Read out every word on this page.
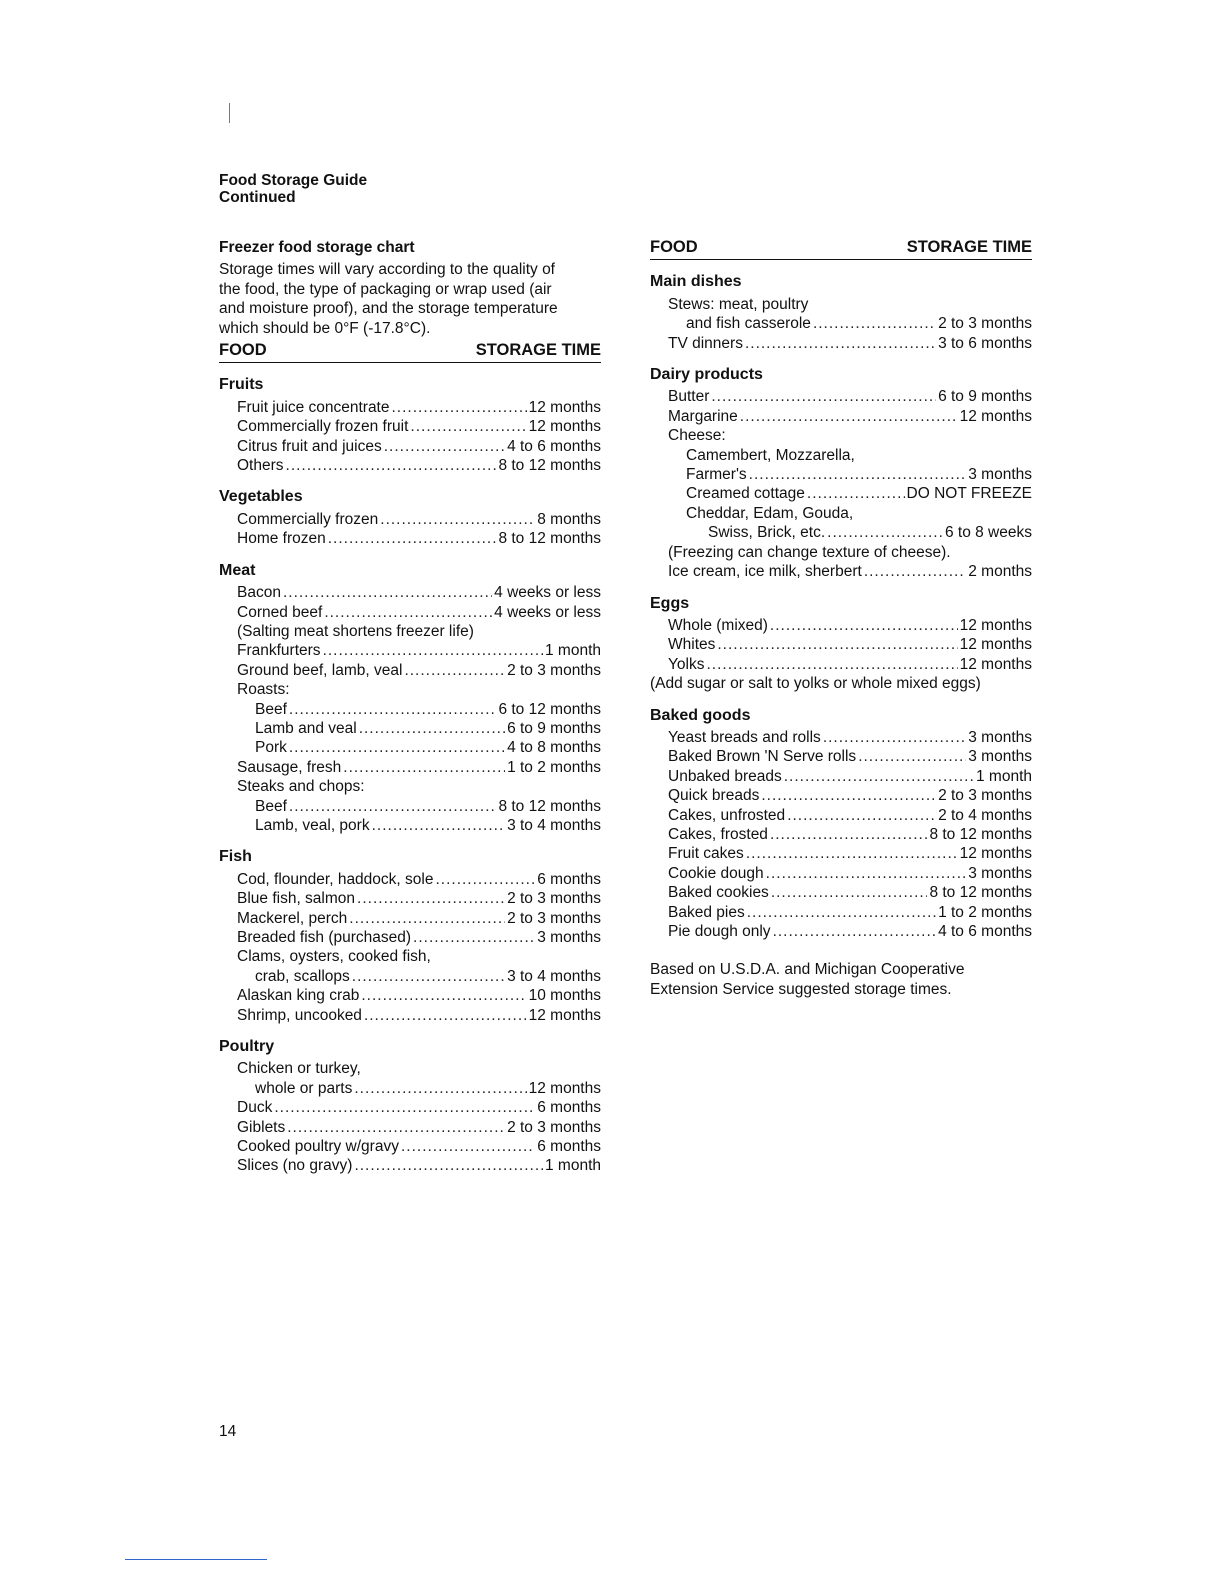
Food Storage Guide
Continued
Freezer food storage chart

Storage times will vary according to the quality of
the food, the type of packaging or wrap used (air
and moisture proof), and the storage temperature
which should be 0°F (-17.8°C).

FOOD	STORAGE TIME
Fruits
Fruit juice concentrate .....	12 months
Commercially frozen fruit .....	12 months
Citrus fruit and juices .....	4 to 6 months
Others .....	8 to 12 months
Vegetables
Commercially frozen .....	8 months
Home frozen .....	8 to 12 months
Meat
Bacon .....	4 weeks or less
Corned beef .....	4 weeks or less
(Salting meat shortens freezer life)
Frankfurters .....	1 month
Ground beef, lamb, veal .....	2 to 3 months
Roasts:
Beef .....	6 to 12 months
Lamb and veal .....	6 to 9 months
Pork .....	4 to 8 months
Sausage, fresh .....	1 to 2 months
Steaks and chops:
Beef .....	8 to 12 months
Lamb, veal, pork .....	3 to 4 months
Fish
Cod, flounder, haddock, sole .....	6 months
Blue fish, salmon .....	2 to 3 months
Mackerel, perch .....	2 to 3 months
Breaded fish (purchased) .....	3 months
Clams, oysters, cooked fish,
crab, scallops .....	3 to 4 months
Alaskan king crab .....	10 months
Shrimp, uncooked .....	12 months
Poultry
Chicken or turkey,
whole or parts .....	12 months
Duck .....	6 months
Giblets .....	2 to 3 months
Cooked poultry w/gravy .....	6 months
Slices (no gravy) .....	1 month
FOOD	STORAGE TIME
Main dishes
Stews: meat, poultry
and fish casserole .....	2 to 3 months
TV dinners .....	3 to 6 months
Dairy products
Butter .....	6 to 9 months
Margarine .....	12 months
Cheese:
Camembert, Mozzarella,
Farmer's .....	3 months
Creamed cottage .....	DO NOT FREEZE
Cheddar, Edam, Gouda,
Swiss, Brick, etc. .....	6 to 8 weeks
(Freezing can change texture of cheese).
Ice cream, ice milk, sherbert .....	2 months
Eggs
Whole (mixed) .....	12 months
Whites .....	12 months
Yolks .....	12 months
(Add sugar or salt to yolks or whole mixed eggs)
Baked goods
Yeast breads and rolls .....	3 months
Baked Brown 'N Serve rolls .....	3 months
Unbaked breads .....	1 month
Quick breads .....	2 to 3 months
Cakes, unfrosted .....	2 to 4 months
Cakes, frosted .....	8 to 12 months
Fruit cakes .....	12 months
Cookie dough .....	3 months
Baked cookies .....	8 to 12 months
Baked pies .....	1 to 2 months
Pie dough only .....	4 to 6 months
Based on U.S.D.A. and Michigan Cooperative
Extension Service suggested storage times.
14
